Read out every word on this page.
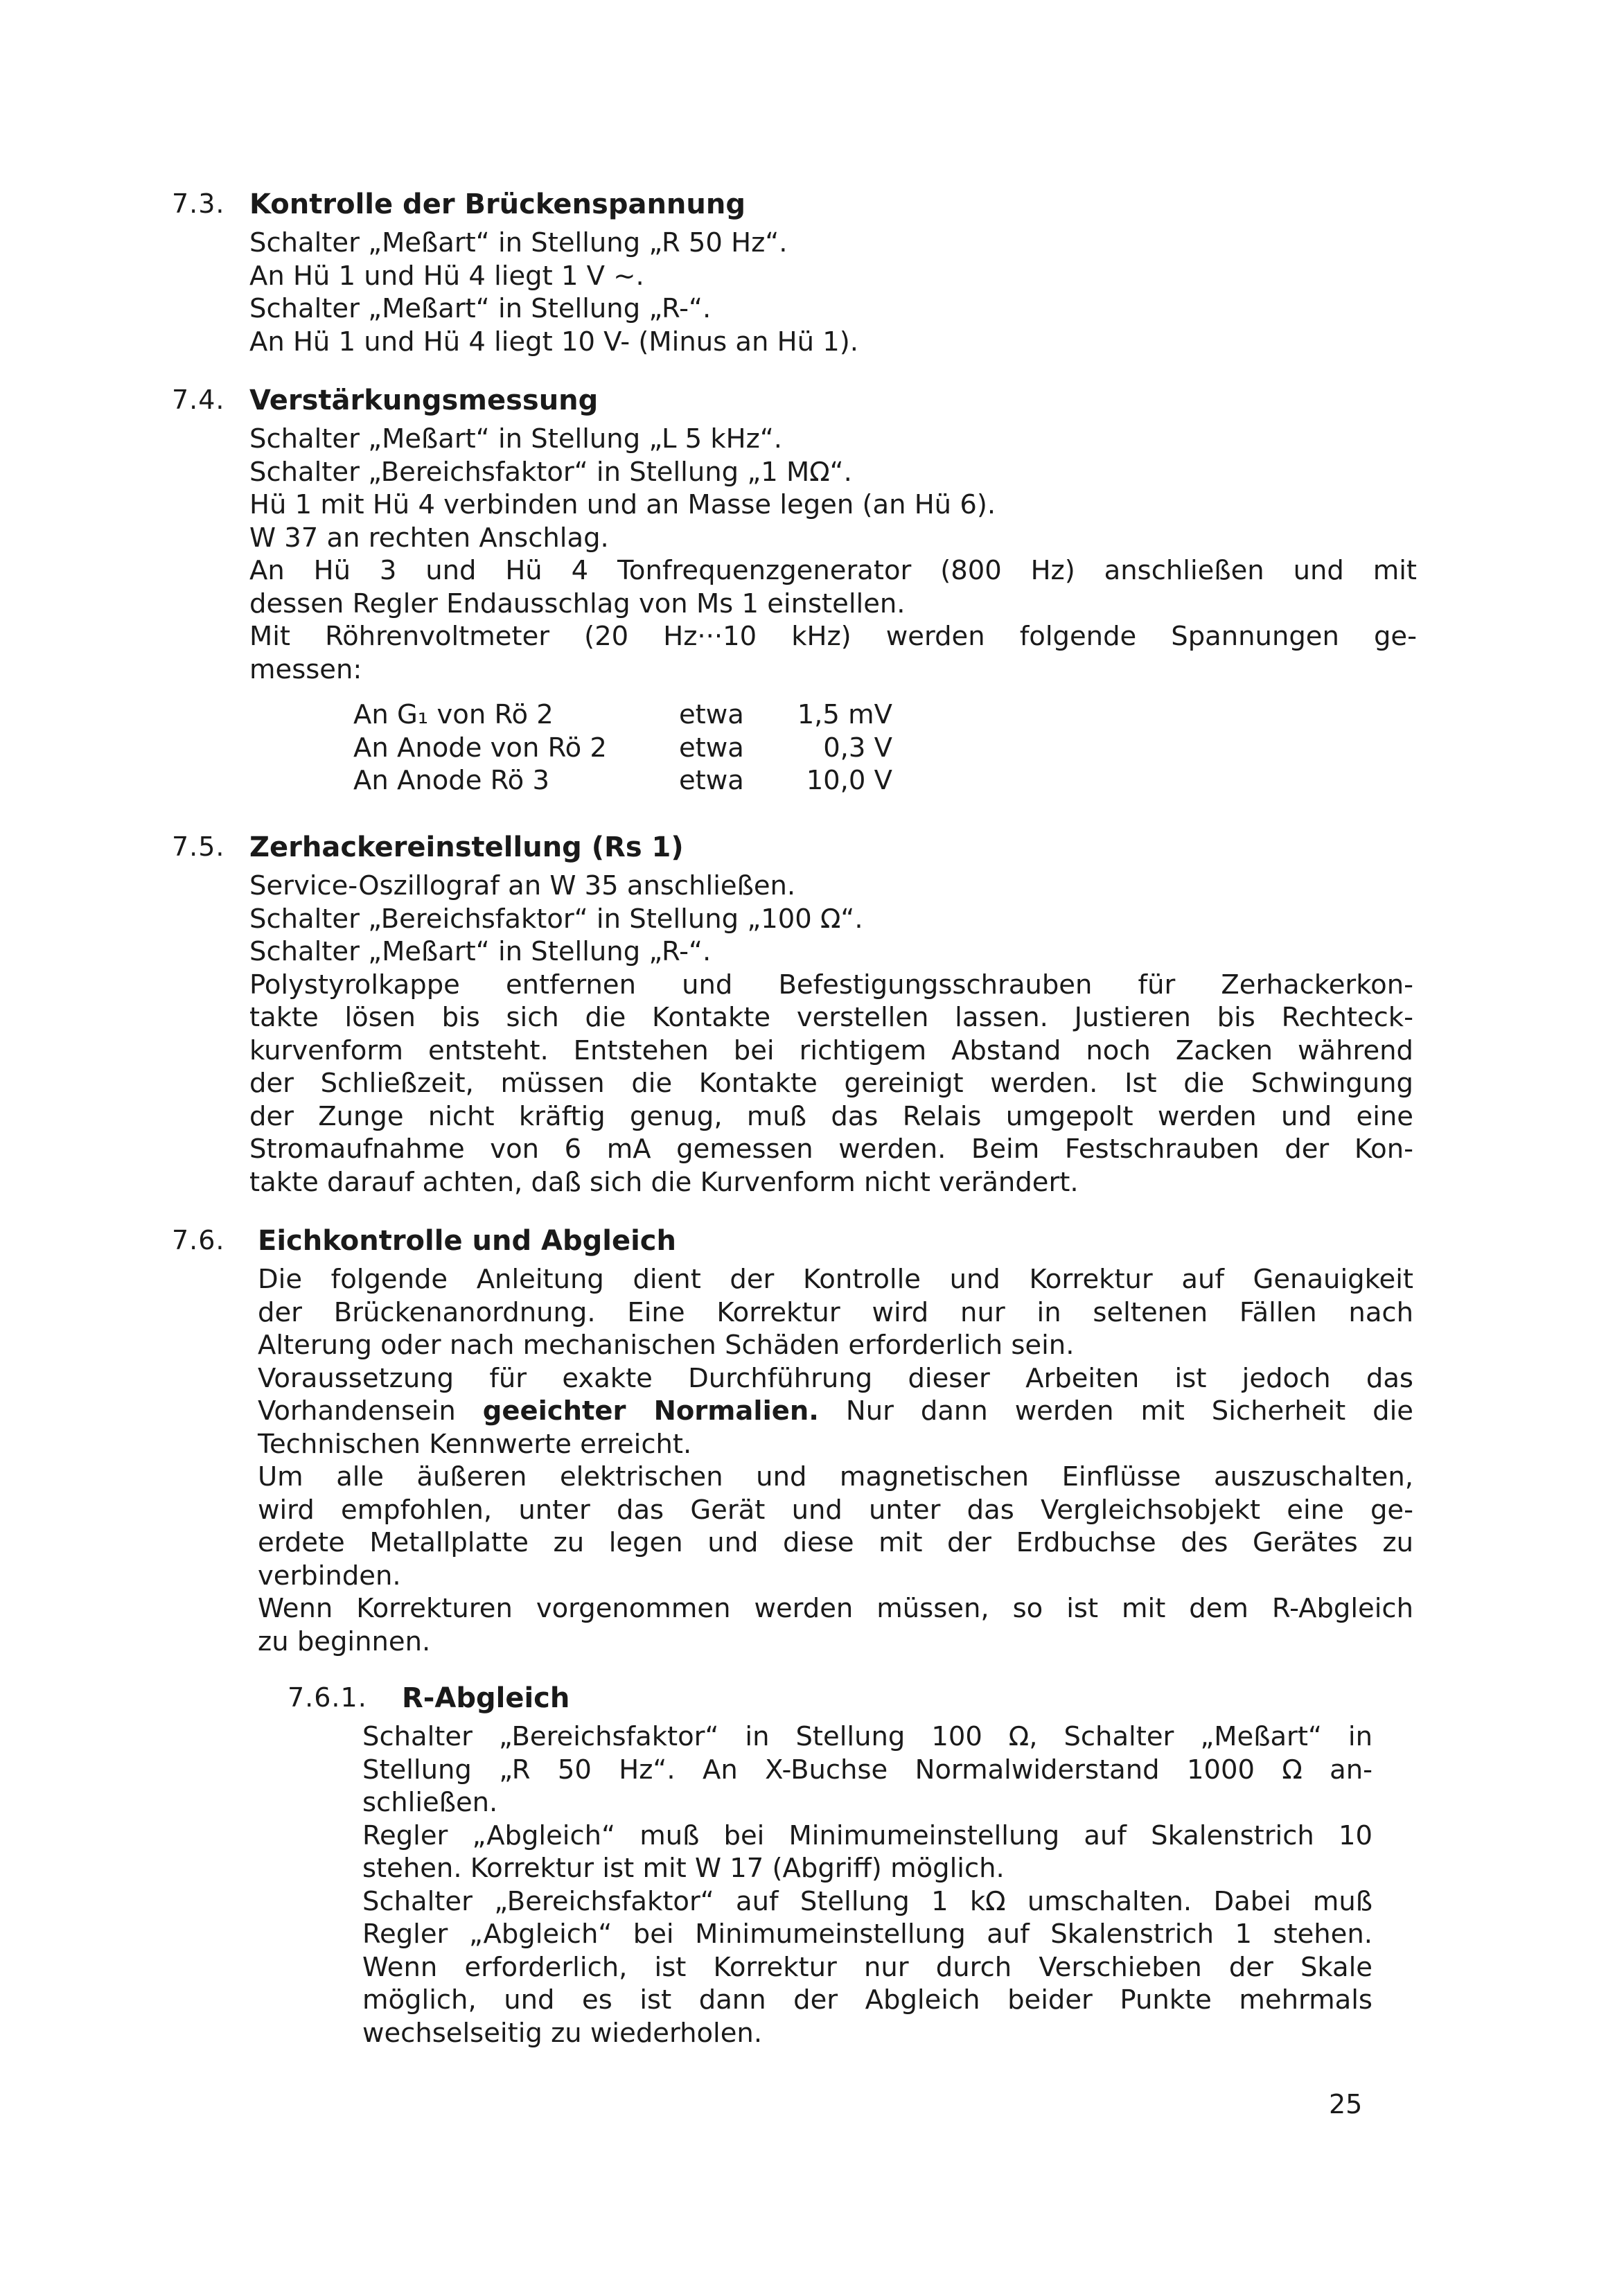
7.3. Kontrolle der Brückenspannung
Schalter „Meßart“ in Stellung „R 50 Hz“.
An Hü 1 und Hü 4 liegt 1 V ~.
Schalter „Meßart“ in Stellung „R-“.
An Hü 1 und Hü 4 liegt 10 V- (Minus an Hü 1).
7.4. Verstärkungsmessung
Schalter „Meßart“ in Stellung „L 5 kHz“.
Schalter „Bereichsfaktor“ in Stellung „1 MΩ“.
Hü 1 mit Hü 4 verbinden und an Masse legen (an Hü 6).
W 37 an rechten Anschlag.
An Hü 3 und Hü 4 Tonfrequenzgenerator (800 Hz) anschließen und mit
dessen Regler Endausschlag von Ms 1 einstellen.
Mit Röhrenvoltmeter (20 Hz···10 kHz) werden folgende Spannungen ge-
messen:
An G₁ von Rö 2	etwa	1,5 mV
An Anode von Rö 2	etwa	0,3 V
An Anode Rö 3	etwa	10,0 V
7.5. Zerhackereinstellung (Rs 1)
Service-Oszillograf an W 35 anschließen.
Schalter „Bereichsfaktor“ in Stellung „100 Ω“.
Schalter „Meßart“ in Stellung „R-“.
Polystyrolkappe entfernen und Befestigungsschrauben für Zerhackerkon-
takte lösen bis sich die Kontakte verstellen lassen. Justieren bis Rechteck-
kurvenform entsteht. Entstehen bei richtigem Abstand noch Zacken während
der Schließzeit, müssen die Kontakte gereinigt werden. Ist die Schwingung
der Zunge nicht kräftig genug, muß das Relais umgepolt werden und eine
Stromaufnahme von 6 mA gemessen werden. Beim Festschrauben der Kon-
takte darauf achten, daß sich die Kurvenform nicht verändert.
7.6. Eichkontrolle und Abgleich
Die folgende Anleitung dient der Kontrolle und Korrektur auf Genauigkeit
der Brückenanordnung. Eine Korrektur wird nur in seltenen Fällen nach
Alterung oder nach mechanischen Schäden erforderlich sein.
Voraussetzung für exakte Durchführung dieser Arbeiten ist jedoch das
Vorhandensein geeichter Normalien. Nur dann werden mit Sicherheit die
Technischen Kennwerte erreicht.
Um alle äußeren elektrischen und magnetischen Einflüsse auszuschalten,
wird empfohlen, unter das Gerät und unter das Vergleichsobjekt eine ge-
erdete Metallplatte zu legen und diese mit der Erdbuchse des Gerätes zu
verbinden.
Wenn Korrekturen vorgenommen werden müssen, so ist mit dem R-Abgleich
zu beginnen.
7.6.1. R-Abgleich
Schalter „Bereichsfaktor“ in Stellung 100 Ω, Schalter „Meßart“ in
Stellung „R 50 Hz“. An X-Buchse Normalwiderstand 1000 Ω an-
schließen.
Regler „Abgleich“ muß bei Minimumeinstellung auf Skalenstrich 10
stehen. Korrektur ist mit W 17 (Abgriff) möglich.
Schalter „Bereichsfaktor“ auf Stellung 1 kΩ umschalten. Dabei muß
Regler „Abgleich“ bei Minimumeinstellung auf Skalenstrich 1 stehen.
Wenn erforderlich, ist Korrektur nur durch Verschieben der Skale
möglich, und es ist dann der Abgleich beider Punkte mehrmals
wechselseitig zu wiederholen.
25
